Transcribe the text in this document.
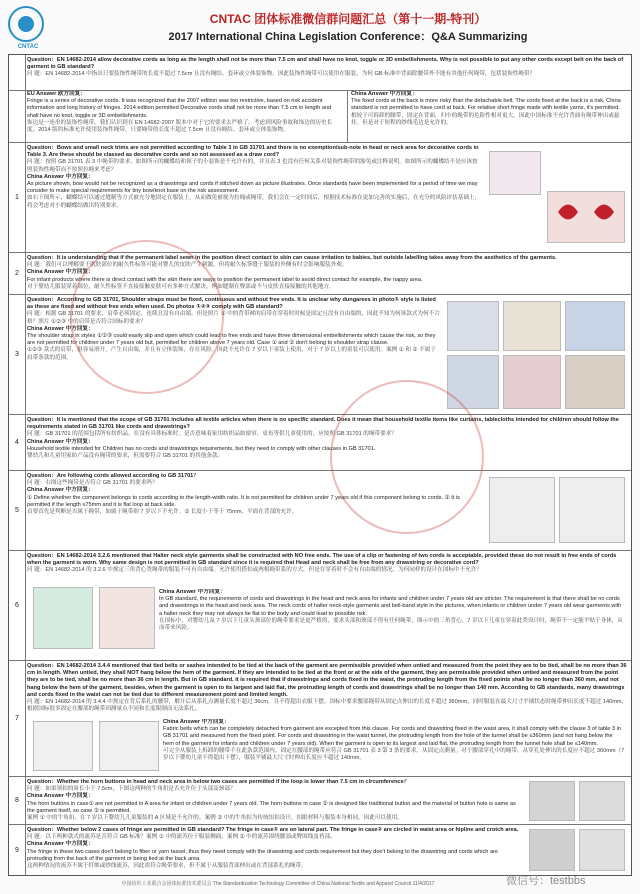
CNTAC
CNTAC 团体标准微信群问题汇总（第十一期-特刊）
2017 International China Legislation Conference：Q&A Summarizing
Question：EN 14682-2014 allow decorative cords as long as the length shall not be more than 7.5 cm and shall have no knot, toggle or 3D embellishments. Why is not possible to put any other cords except belt on the back of garment in GB standard?
问 题：EN 14682-2014 中指出只要装饰性绳带的长度不超过 7.5cm 且没有绳结、套环或立体装饰物，因此装饰性绳带可以使用在服装，为何 GB 标准中背面除腰带外不能有其他任何绳带，包括装饰性绳带？
EU Answer 欧方回复：
Fringe is a series of decorative cords. It was recognized that the 2007 edition was too restrictive, based on risk accident information and long history of fringes. 2014 edition permitted Decorative cords shall not be more than 7.5 cm in length and shall have no knot, toggle or 3D embellishments.
饰边是一连串的装饰性绳带，我们认识到在 EN 14682-2007 版本中对于它的要求太严格了。考虑到风险事故和饰边的历史长度，2014 版的标准允许使用装饰性绳带，只要绳带的长度不超过 7.5cm 且没有绳结、套环或立体装饰物。
China Answer 中方回复：
The fixed cords at the back is more risky than the detachable belt. The cords fixed at the back is a risk, China standard is not permitted to have cord at back. For relative short fringe made with textile yarns, it's permitted.
相较于可拆卸的腰带，固定在背面，归中的绳带的危险性相对更大，因此中国标准不允许背面有绳带伸出或悬挂。但是对于短程的纱线毛边是允许的。
1
Question：Bows and small neck trims are not permitted according to Table 3 in GB 31701 and there is no exemption/sub-note in head or neck area for decorative cords in Table 3. Are these should be classed as decorative cords and so not assessed as a draw cord?
问 题：按照 GB 31701 表 3 中绳带的要求，如图所示的蝴蝶结和领子的小装饰是不允许有的，并且表 3 也没有任何关系对装饰性绳带的豁免或注释说明。如图所示的蝴蝶结不是应该按照装饰性绳带而不按照拉绳来考虑？
China Answer 中方回复：
As picture shown, bow would not be recognized as a drawstrings and cords if stitched down as picture illustrates. Once standards have been implemented for a period of time we may consider to make special requirements for tiny bow/knot base on the risk assessment.
如右下图所示，蝴蝶结可以通过缝制等方式被充分地固定在服装上，从而做免被视为拉绳或绳带，我们会在一定时间后，根据技术标准在更加完善的实施后，在充分的风险评估基础上，将会考虑对小的蝴蝶结做出特别要求。
2
Question：It is understanding that if the permanent label sewn in the position direct contact to skin can cause irritation to babies, but outside labelling takes away from the aesthetics of the garments.
问 题：我们可以理解要于肌肤部位的耐久性标签可能对婴儿的皮肤产生刺激，但将耐久标签缝于服装的外侧有时会影响服装外观。
China Answer 中方回复：
For infant products where there is direct contact with the skin there are ways to position the permanent label to avoid direct contact for example, the nappy area.
对于婴幼儿服装穿着部位，耐久性标签不直接接触皮肤可有多种方式解决，例如缝制在臀部或不与皮肤直接接触的其他地方。
3
Question：According to GB 31701, Shoulder straps must be fixed, continuous and without free ends. It is unclear why dungarees in photo① style is listed as these are fixed and without free ends when used. Do photos ①②③ comply with GB standard?
问 题：根据 GB 31701 的要求，肩带必须固定、连续且没有自由端。但是照片 ① 中的背带裤的肩带在穿着时时候是固定且没有自由端的，因此不知为何该款式为何不合格？照片 ①②③ 中的肩带是否符合国标的要求？
China Answer 中方回复：
The shoulder strap in styles ①②③ could easily slip and open which could lead to free ends and have three dimensional embellishments which cause the risk, so they are not permitted for children under 7 years old but, permitted for children above 7 years old. Case ① and ② don't belong to shoulder strap clause.
①②③ 款式的肩带，很容易滑开，产生自由端，并且有立体装饰，存在风险。因此不允许在 7 岁以下童装上使用，对于 7 岁以上的童装可以使用。案例 ① 和 ② 不属于肩带条款的范围。
4
Question：It is mentioned that the scope of GB 31701 includes all textile articles when there is no specific standard. Does it mean that household textile items like curtains, tablecloths intended for children should follow the requirements stated in GB 31701 like cords and drawstrings?
问 题：GB 31701 的范围包括所有纺织品，在没有具体标准时，是否意味着家用纺织品如窗帘、桌布等供儿童使用的，应按照 GB 31701 的绳带要求？
China Answer 中方回复：
Household textile intended for Children has no cords and drawstrings requirements, but they need to comply with other clauses in GB 31701.
婴幼儿和儿童用家纺产品没有绳带的要求，但需要符合 GB 31701 的其他条款。
5
Question：Are following cords allowed according to GB 31701？
问 题：右图这些绳带是否符合 GB 31701 的要求吗？
China Answer 中方回复：
① Define whether the component belongs to cords according to the length-width ratio. It is not permitted for children under 7 years old if this component belong to cords. ② It is permitted if the length ≤75mm and it is flat loop at back side.
首要首先是判断是否属于绳带，如属于绳带则 7 岁以下不允许。② 长度小于等于 75mm，平面在背部的允许。
6
Question：EN 14682-2014 3.2.6 mentioned that Halter neck style garments shall be constructed with NO free ends. The use of a clip or fastening of two cords is acceptable, provided these do not result in free ends of cords when the garment is worn. Why same design is not permitted in GB standard since it is required that Head and neck shall be free from any drawstring or decorative cord?
问 题：EN 14682-2014 的 3.2.6 中规定三角背心类绳带的服装不可有自由端。允许使用搭扣或两根绳带系的方式，但是在穿着时不会有自由端的情况。为何同样的设计在国标中不允许？
China Answer 中方回复：
In GB standard, the requirements of cords and drawstrings in the head and neck area for infants and children under 7 years old are stricter. The requirement is that there shall be no cords and drawstrings in the head and neck area. The neck cords of halter neck-style garments and bell-band style in the pictures, when infants or children under 7 years old wear garments with a halter neck they may not always tie flat to the body and could lead to possible risk.
在国标中，对婴幼儿及 7 岁以下儿童头颈部位的绳带要求是更严格的，要求头部和颈部不得有任何绳带，图示中的三角背心，7 岁以下儿童在穿着此类设计时，绳带不一定能平贴于身体，从而带来风险。
7
Question：EN 14682-2014 3.4.4 mentioned that tied belts or sashes intended to be tied at the back of the garment are permissible provided when untied and measured from the point they are to be tied, shall be no more than 36 cm in length. When untied, they shall NOT hang below the hem of the garment. If they are intended to be tied at the front or at the side of the garment, they are permissible provided when untied and measured from the point they are to be tied, shall be no more than 36 cm in length. But in GB standard, it is required that if drawstrings and cords fixed in the waist, the protruding length from the fixed points shall be no longer than 360 mm, and not hang below the hem of the garment, besides, when the garment is open to its largest and laid flat, the protruding length of cords and drawstrings shall be no longer than 140 mm. According to GB standards, many drawstrings and cords fixed in the waist can not be tied due to different measurement point and limited length.
问 题：EN 14682-2014 的 3.4.4 中规定在背后系扎的腰带，解开后从系扎点测量长度不超过 36cm，且不得超出衣服下摆。国标中要求腰部绳带从固定点伸出的长度不超过 360mm，同时服装在最大尺寸平铺状态时绳带伸出长度不超过 140mm，根据国标很多固定在腰部的绳带因测量点不同和长度限制而无法系扎。
China Answer 中方回复：
Fabric belts which can be completely detached from garment are excepted from this clause. For cords and drawstring fixed in the waist area, it shall comply with the clause 3 of table 3 in GB 31701 and measured from the fixed point. For cords and drawstring in the waist tunnel, the protruding length from the hole of the tunnel shall be ≤360mm (and not hang below the hem of the garment for infants and children under 7 years old). When the garment is open to its largest and laid flat, the protruding length from the tunnel hole shall be ≤140mm.
可完全从服装上拆卸的腰带不在此条款范围内。固定在腰部的绳带应符合 GB 31701 表 3 第 3 条的要求，从固定点测量。对于腰部穿孔中的绳带，从穿孔处伸出的长度应不超过 360mm（7 岁以下婴幼儿童不得超出下摆），服装平铺最大尺寸时伸出长度应不超过 140mm。
8
Question：Whether the horn buttons in head and neck area in below two cases are permitted if the loop is lower than 7.5 cm in circumference？
问 题：如果领扣的周长小于 7.5cm，下图这两种的牛角扣是否允许位于头部及颈部？
China Answer 中方回复：
The horn buttons in case① are not permitted in A area for infant or children under 7 years old. The horn buttons in case ② is designed like traditional button and the material of button hole is same as the garment itself, so case ② is permitted.
案例 ① 中的牛角扣，在 7 岁以下婴幼儿儿童服装的 A 区域是不允许的。案例 ② 中的牛角扣为传统纽扣设计，扣眼材料与服装本身相同，因此可以使用。
9
Question：Whether below 2 cases of fringe are permitted in GB standard? The fringe in case① are on lateral part. The fringe in case② are circled in waist area or hipline and crotch area.
问 题：以下两种款式的流苏是否符合 GB 标准？案例 ① 中的流苏位于服装侧面，案例 ② 中的流苏围绕腰部或臀围线及裆部。
China Answer 中方回复：
The fringe in these two cases don't belong to fiber or yarn tassel, thus they need comply with the drawstring and cords requirement but they don't belong to the drawstring and cords which are protruding from the back of the garment or being tied at the back area.
这两种情况的流苏不属于纤维或纱线流苏，因此需符合绳带要求，但不属于从服装背部伸出或在背部系扎的绳带。
中国纺织工业联合会团体标准技术委员会 The Standardization Technology Committee of China National Textile and Apparel Council 11/4/2017	微信号：testbbs
